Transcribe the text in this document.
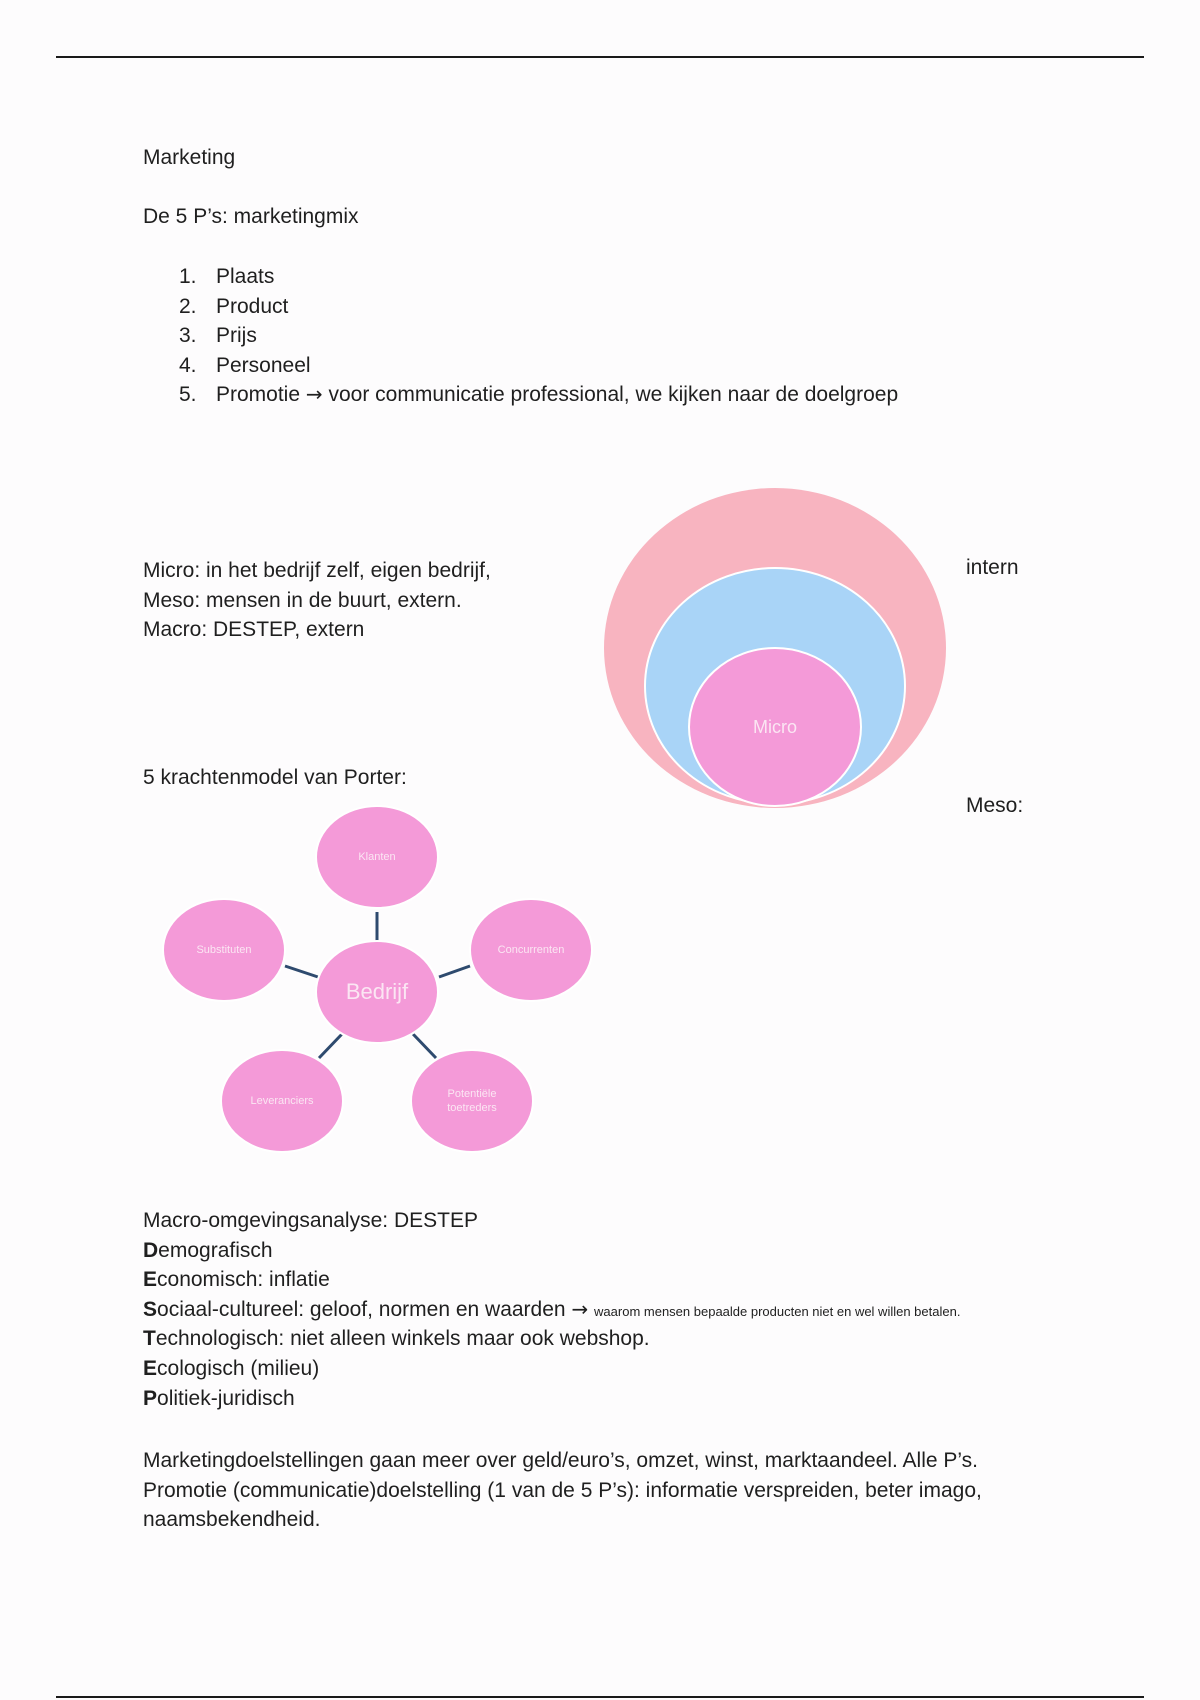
Marketing
De 5 P’s: marketingmix
1. Plaats
2. Product
3. Prijs
4. Personeel
5. Promotie → voor communicatie professional, we kijken naar de doelgroep
Micro: in het bedrijf zelf, eigen bedrijf,
Meso: mensen in de buurt, extern.
Macro: DESTEP, extern
intern
Meso:
Micro
5 krachtenmodel van Porter:
Klanten
Substituten	Concurrenten
Bedrijf
Leveranciers
Potentiële
toetreders
Macro-omgevingsanalyse: DESTEP
Demografisch
Economisch: inflatie
Sociaal-cultureel: geloof, normen en waarden → waarom mensen bepaalde producten niet en wel willen betalen.
Technologisch: niet alleen winkels maar ook webshop.
Ecologisch (milieu)
Politiek-juridisch
Marketingdoelstellingen gaan meer over geld/euro’s, omzet, winst, marktaandeel. Alle P’s.
Promotie (communicatie)doelstelling (1 van de 5 P’s): informatie verspreiden, beter imago,
naamsbekendheid.
